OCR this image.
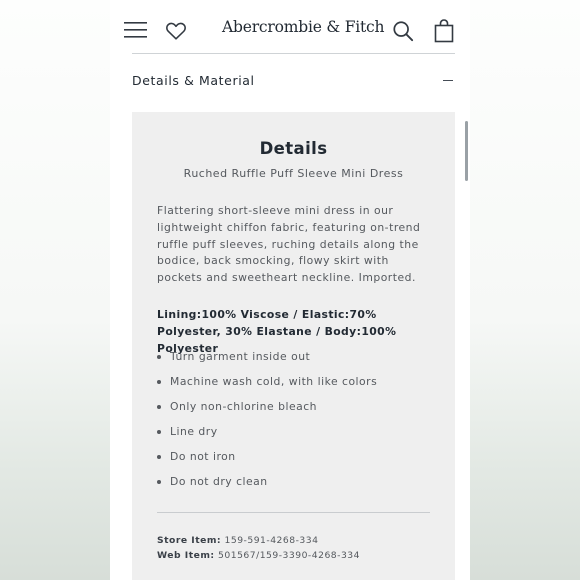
Abercrombie & Fitch
Details & Material
Details
Ruched Ruffle Puff Sleeve Mini Dress

Flattering short-sleeve mini dress in our lightweight chiffon fabric, featuring on-trend ruffle puff sleeves, ruching details along the bodice, back smocking, flowy skirt with pockets and sweetheart neckline. Imported.

Lining:100% Viscose / Elastic:70% Polyester, 30% Elastane / Body:100% Polyester

Turn garment inside out
Machine wash cold, with like colors
Only non-chlorine bleach
Line dry
Do not iron
Do not dry clean
Store Item: 159-591-4268-334
Web Item: 501567/159-3390-4268-334
